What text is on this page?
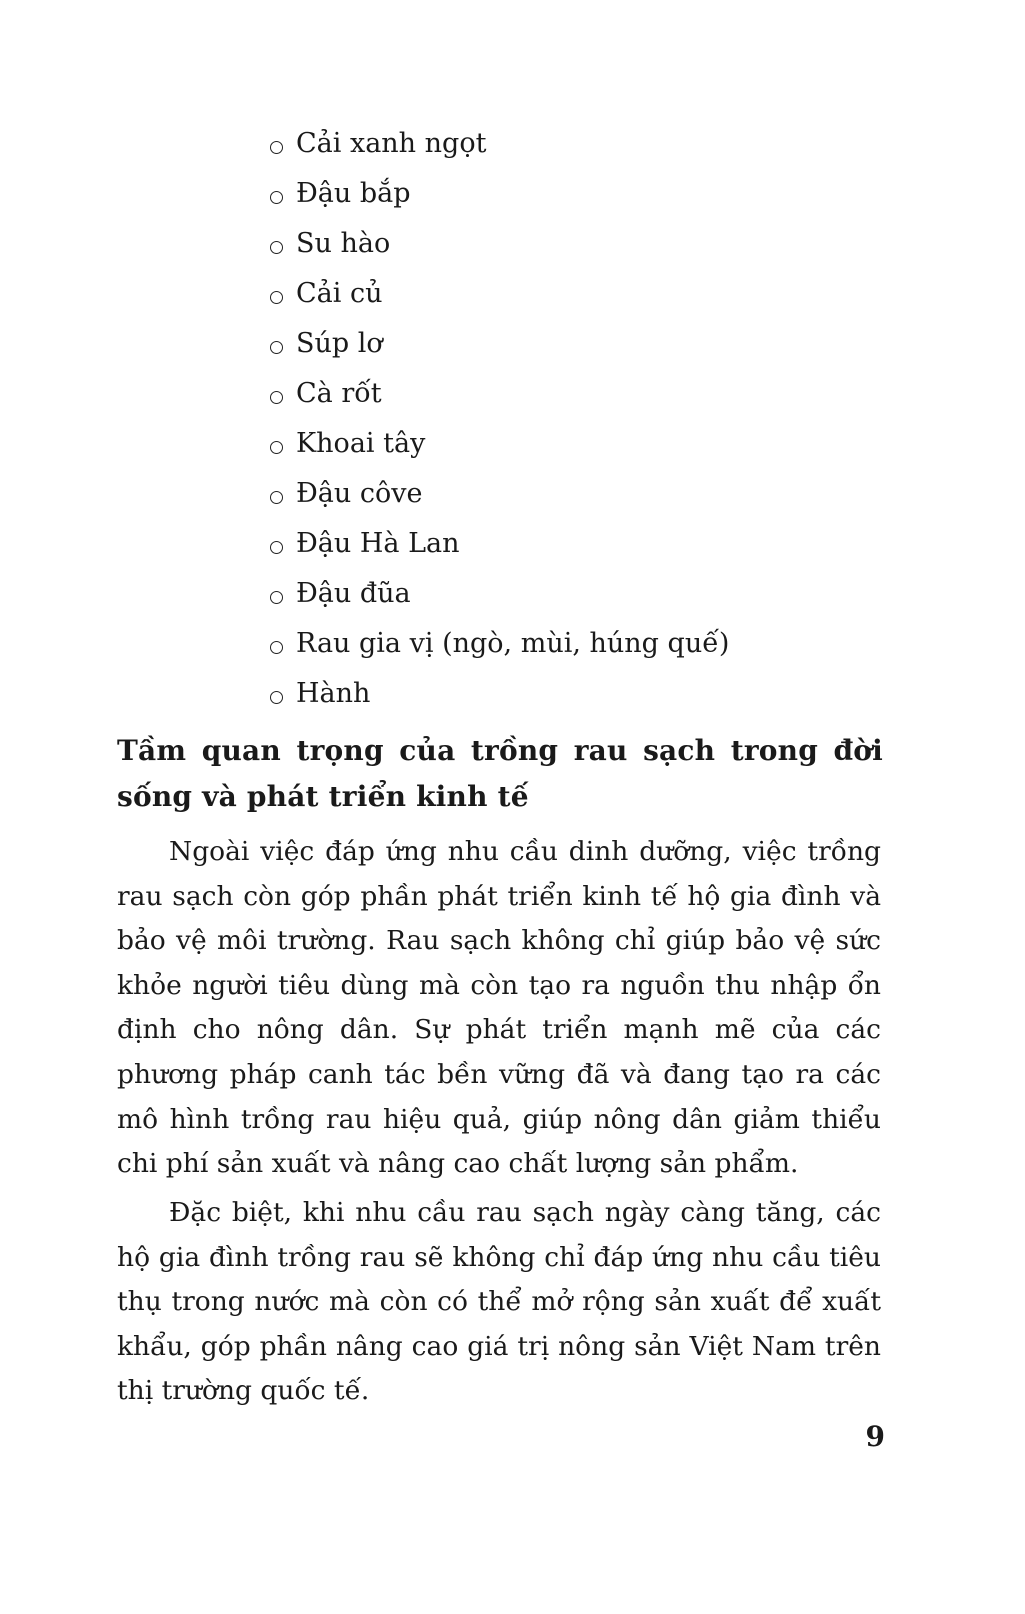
Cải xanh ngọt
Đậu bắp
Su hào
Cải củ
Súp lơ
Cà rốt
Khoai tây
Đậu côve
Đậu Hà Lan
Đậu đũa
Rau gia vị (ngò, mùi, húng quế)
Hành
Tầm quan trọng của trồng rau sạch trong đời sống và phát triển kinh tế

Ngoài việc đáp ứng nhu cầu dinh dưỡng, việc trồng rau sạch còn góp phần phát triển kinh tế hộ gia đình và bảo vệ môi trường. Rau sạch không chỉ giúp bảo vệ sức khỏe người tiêu dùng mà còn tạo ra nguồn thu nhập ổn định cho nông dân. Sự phát triển mạnh mẽ của các phương pháp canh tác bền vững đã và đang tạo ra các mô hình trồng rau hiệu quả, giúp nông dân giảm thiểu chi phí sản xuất và nâng cao chất lượng sản phẩm.

Đặc biệt, khi nhu cầu rau sạch ngày càng tăng, các hộ gia đình trồng rau sẽ không chỉ đáp ứng nhu cầu tiêu thụ trong nước mà còn có thể mở rộng sản xuất để xuất khẩu, góp phần nâng cao giá trị nông sản Việt Nam trên thị trường quốc tế.

9
